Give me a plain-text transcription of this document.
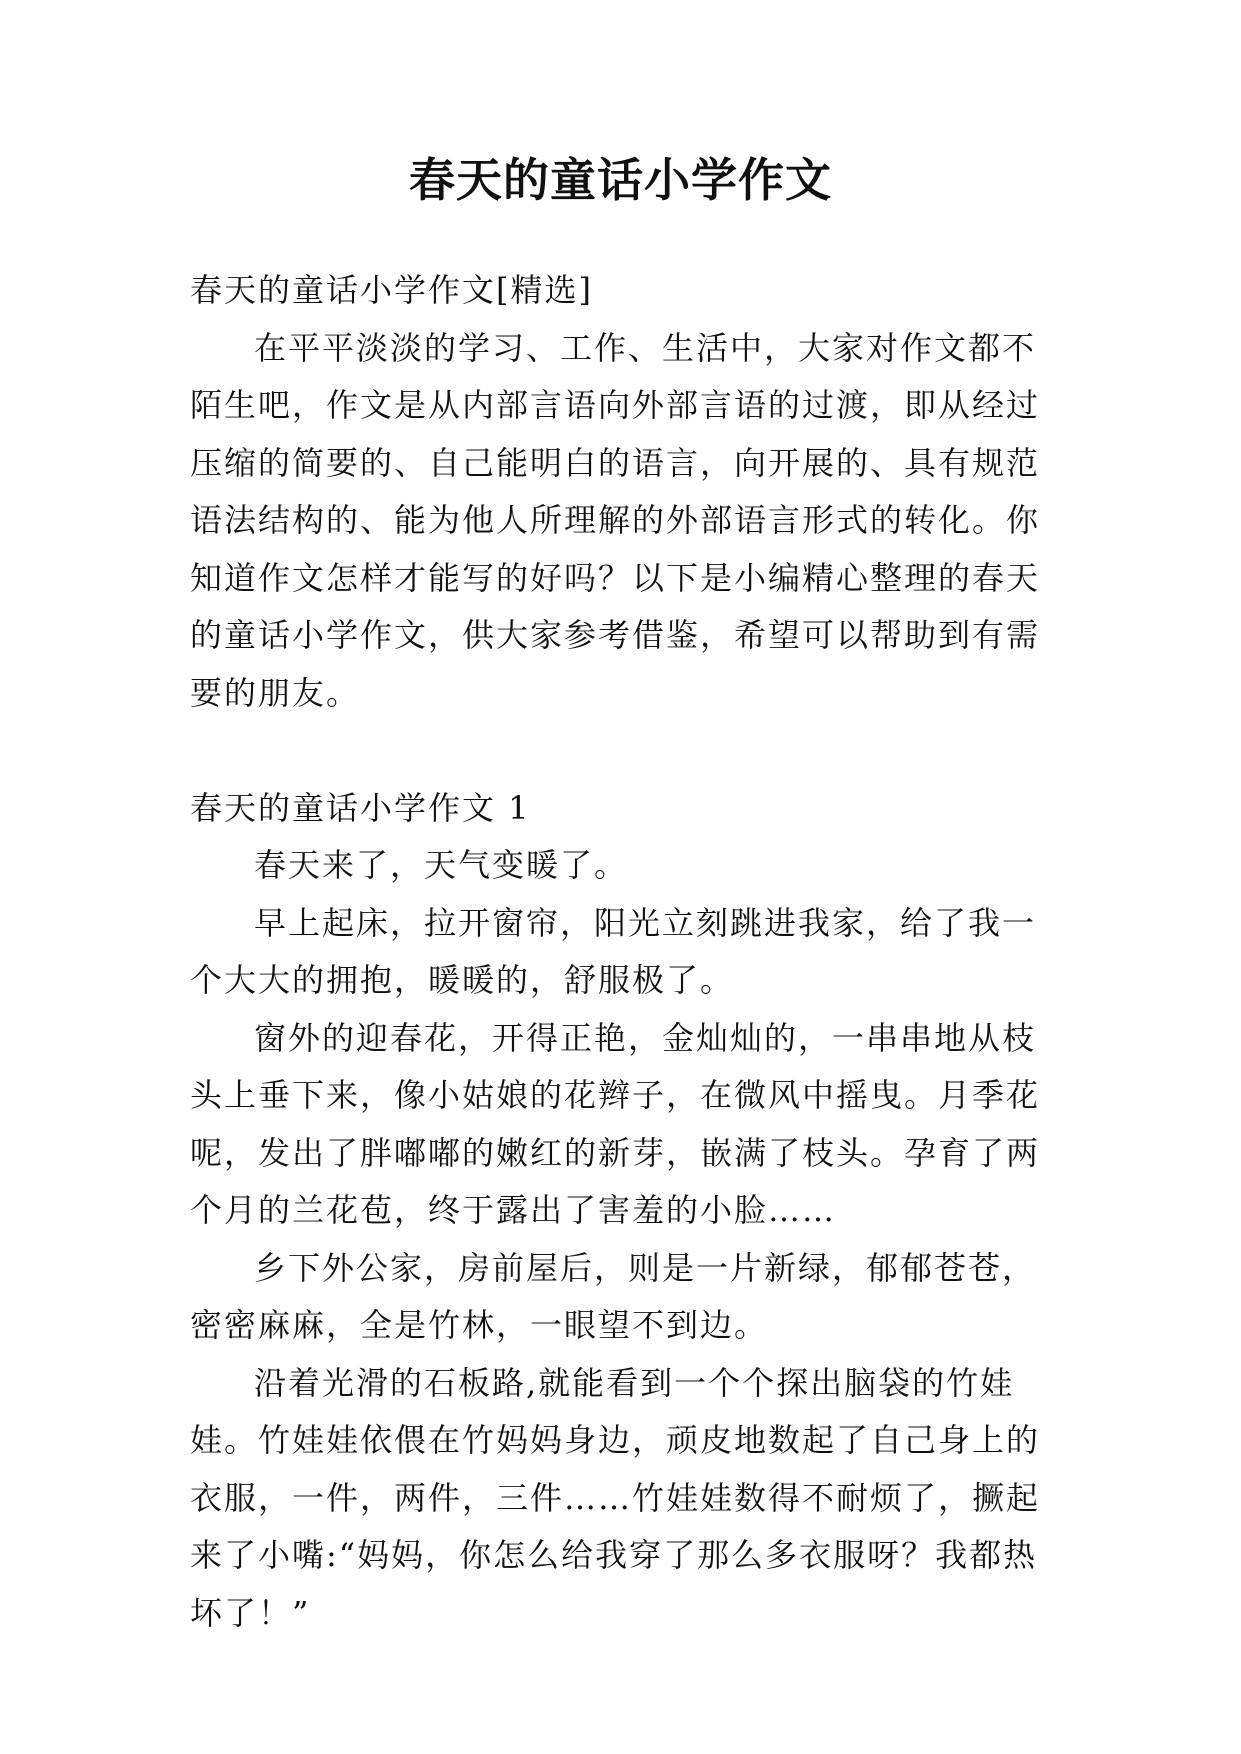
春天的童话小学作文

春天的童话小学作文[精选]

在平平淡淡的学习、工作、生活中，大家对作文都不陌生吧，作文是从内部言语向外部言语的过渡，即从经过压缩的简要的、自己能明白的语言，向开展的、具有规范语法结构的、能为他人所理解的外部语言形式的转化。你知道作文怎样才能写的好吗？以下是小编精心整理的春天的童话小学作文，供大家参考借鉴，希望可以帮助到有需要的朋友。

春天的童话小学作文 1

春天来了，天气变暖了。

早上起床，拉开窗帘，阳光立刻跳进我家，给了我一个大大的拥抱，暖暖的，舒服极了。

窗外的迎春花，开得正艳，金灿灿的，一串串地从枝头上垂下来，像小姑娘的花辫子，在微风中摇曳。月季花呢，发出了胖嘟嘟的嫩红的新芽，嵌满了枝头。孕育了两个月的兰花苞，终于露出了害羞的小脸……

乡下外公家，房前屋后，则是一片新绿，郁郁苍苍，密密麻麻，全是竹林，一眼望不到边。

沿着光滑的石板路,就能看到一个个探出脑袋的竹娃娃。竹娃娃依偎在竹妈妈身边，顽皮地数起了自己身上的衣服，一件，两件，三件……竹娃娃数得不耐烦了，撅起来了小嘴:“妈妈，你怎么给我穿了那么多衣服呀？我都热坏了！”
